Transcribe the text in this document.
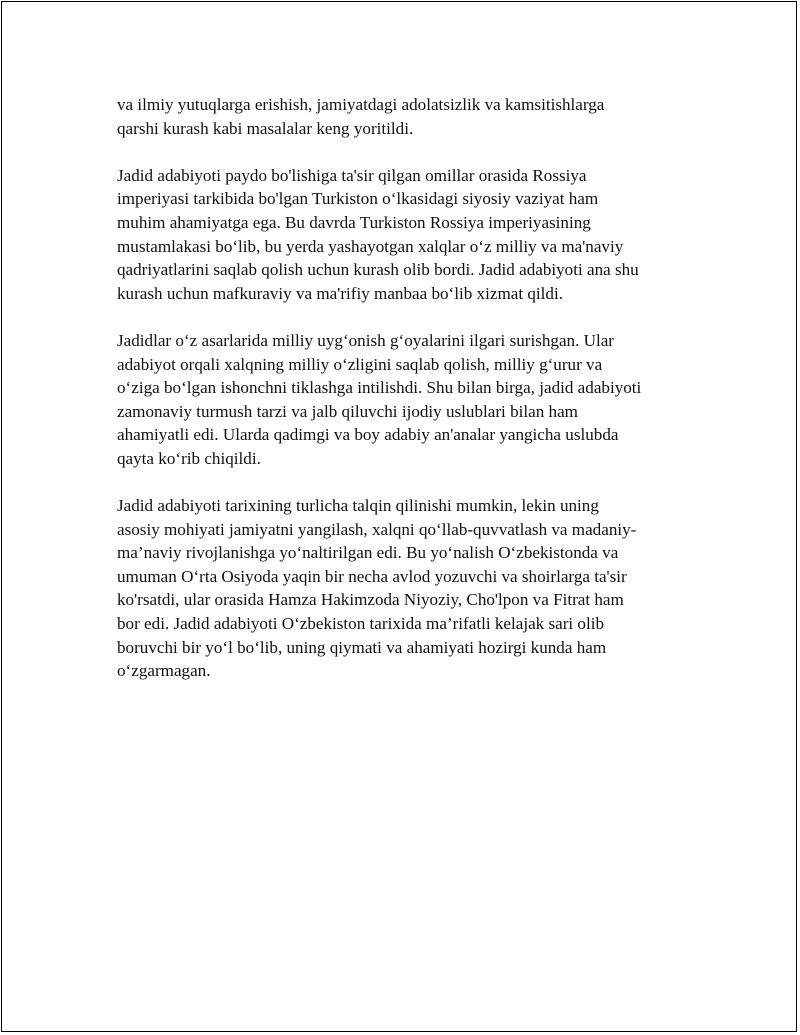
va ilmiy yutuqlarga erishish, jamiyatdagi adolatsizlik va kamsitishlarga
qarshi kurash kabi masalalar keng yoritildi.

Jadid adabiyoti paydo bo'lishiga ta'sir qilgan omillar orasida Rossiya
imperiyasi tarkibida bo'lgan Turkiston o‘lkasidagi siyosiy vaziyat ham
muhim ahamiyatga ega. Bu davrda Turkiston Rossiya imperiyasining
mustamlakasi bo‘lib, bu yerda yashayotgan xalqlar o‘z milliy va ma'naviy
qadriyatlarini saqlab qolish uchun kurash olib bordi. Jadid adabiyoti ana shu
kurash uchun mafkuraviy va ma'rifiy manbaa bo‘lib xizmat qildi.

Jadidlar o‘z asarlarida milliy uyg‘onish g‘oyalarini ilgari surishgan. Ular
adabiyot orqali xalqning milliy o‘zligini saqlab qolish, milliy g‘urur va
o‘ziga bo‘lgan ishonchni tiklashga intilishdi. Shu bilan birga, jadid adabiyoti
zamonaviy turmush tarzi va jalb qiluvchi ijodiy uslublari bilan ham
ahamiyatli edi. Ularda qadimgi va boy adabiy an'analar yangicha uslubda
qayta ko‘rib chiqildi.

Jadid adabiyoti tarixining turlicha talqin qilinishi mumkin, lekin uning
asosiy mohiyati jamiyatni yangilash, xalqni qo‘llab-quvvatlash va madaniy-
ma’naviy rivojlanishga yo‘naltirilgan edi. Bu yo‘nalish O‘zbekistonda va
umuman O‘rta Osiyoda yaqin bir necha avlod yozuvchi va shoirlarga ta'sir
ko'rsatdi, ular orasida Hamza Hakimzoda Niyoziy, Cho'lpon va Fitrat ham
bor edi. Jadid adabiyoti O‘zbekiston tarixida ma’rifatli kelajak sari olib
boruvchi bir yo‘l bo‘lib, uning qiymati va ahamiyati hozirgi kunda ham
o‘zgarmagan.
